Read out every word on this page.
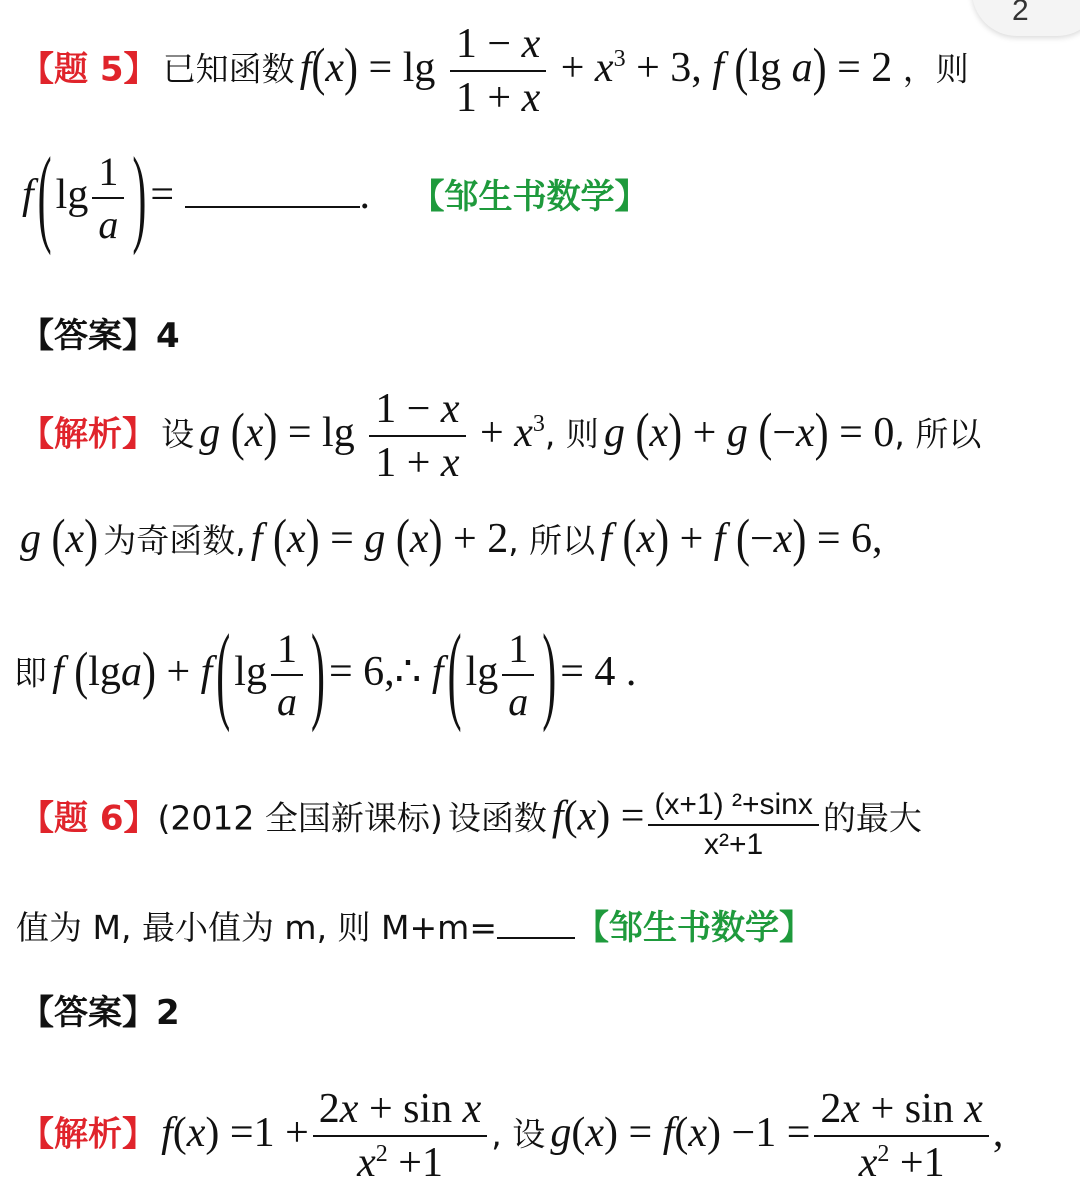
2
【题 5】 已知函数 $f(x) = \lg \frac{1 - x}{1 + x} + x^3 + 3$, f (lg a) = 2 ，则
$f(\lg \frac{1}{a}$ )=	. 【邹生书数学】
【答案】4
【解析】 设 g $(x) = \lg \frac{1 - x}{1 + x} + x^3$, 则 g (x) + g (−x) = 0, 所以
g (x) 为奇函数, f (x) = g (x) + 2, 所以 f (x) + f (−x) = 6,
即 f $(\lg a) + f(\lg \frac{1}{a}$ )= 6,∴ $f(\lg \frac{1}{a}$ )= 4 .
【题 6】(2012 全国新课标) 设函数 $f(x) = \frac{\text{(x+1) ²+sinx}}{\text{x²+1}}$ 的最大
值为 M, 最小值为 m, 则 M+m= 【邹生书数学】
【答案】2
【解析】 $f(x) =1 + \frac{\text{2x + sin x}}{x^2 +1}$ , 设 $g(x) = f(x) -1 = \frac{\text{2x + sin x}}{x^2 +1}$ ,
